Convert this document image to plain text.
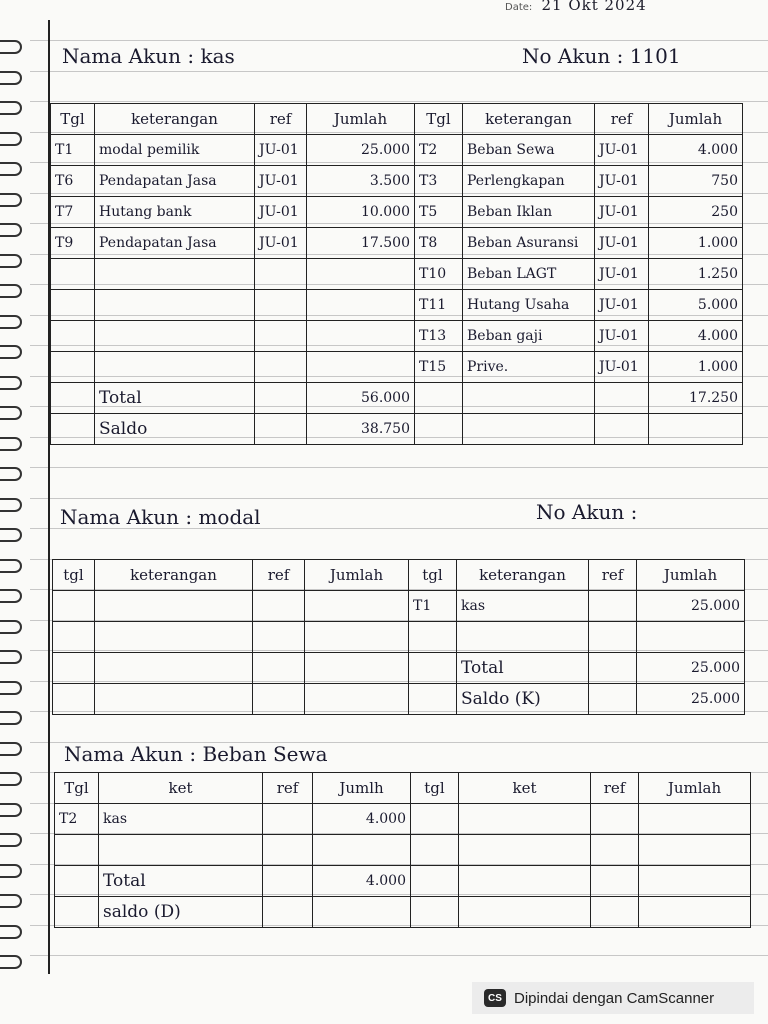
Date: 21 Okt 2024
Nama Akun : kas	No Akun : 1101
Tgl	keterangan	ref	Jumlah	Tgl	keterangan	ref	Jumlah
T1	modal pemilik	JU-01	25.000	T2	Beban Sewa	JU-01	4.000
T6	Pendapatan Jasa	JU-01	3.500	T3	Perlengkapan	JU-01	750
T7	Hutang bank	JU-01	10.000	T5	Beban Iklan	JU-01	250
T9	Pendapatan Jasa	JU-01	17.500	T8	Beban Asuransi	JU-01	1.000
				T10	Beban LAGT	JU-01	1.250
				T11	Hutang Usaha	JU-01	5.000
				T13	Beban gaji	JU-01	4.000
				T15	Prive.	JU-01	1.000
	Total		56.000				17.250
	Saldo		38.750				
Nama Akun : modal	No Akun :
tgl	keterangan	ref	Jumlah	tgl	keterangan	ref	Jumlah
				T1	kas		25.000

					Total		25.000
					Saldo (K)		25.000
Nama Akun : Beban Sewa
Tgl	ket	ref	Jumlh	tgl	ket	ref	Jumlah
T2	kas		4.000				

	Total		4.000				
	saldo (D)						
CS Dipindai dengan CamScanner
